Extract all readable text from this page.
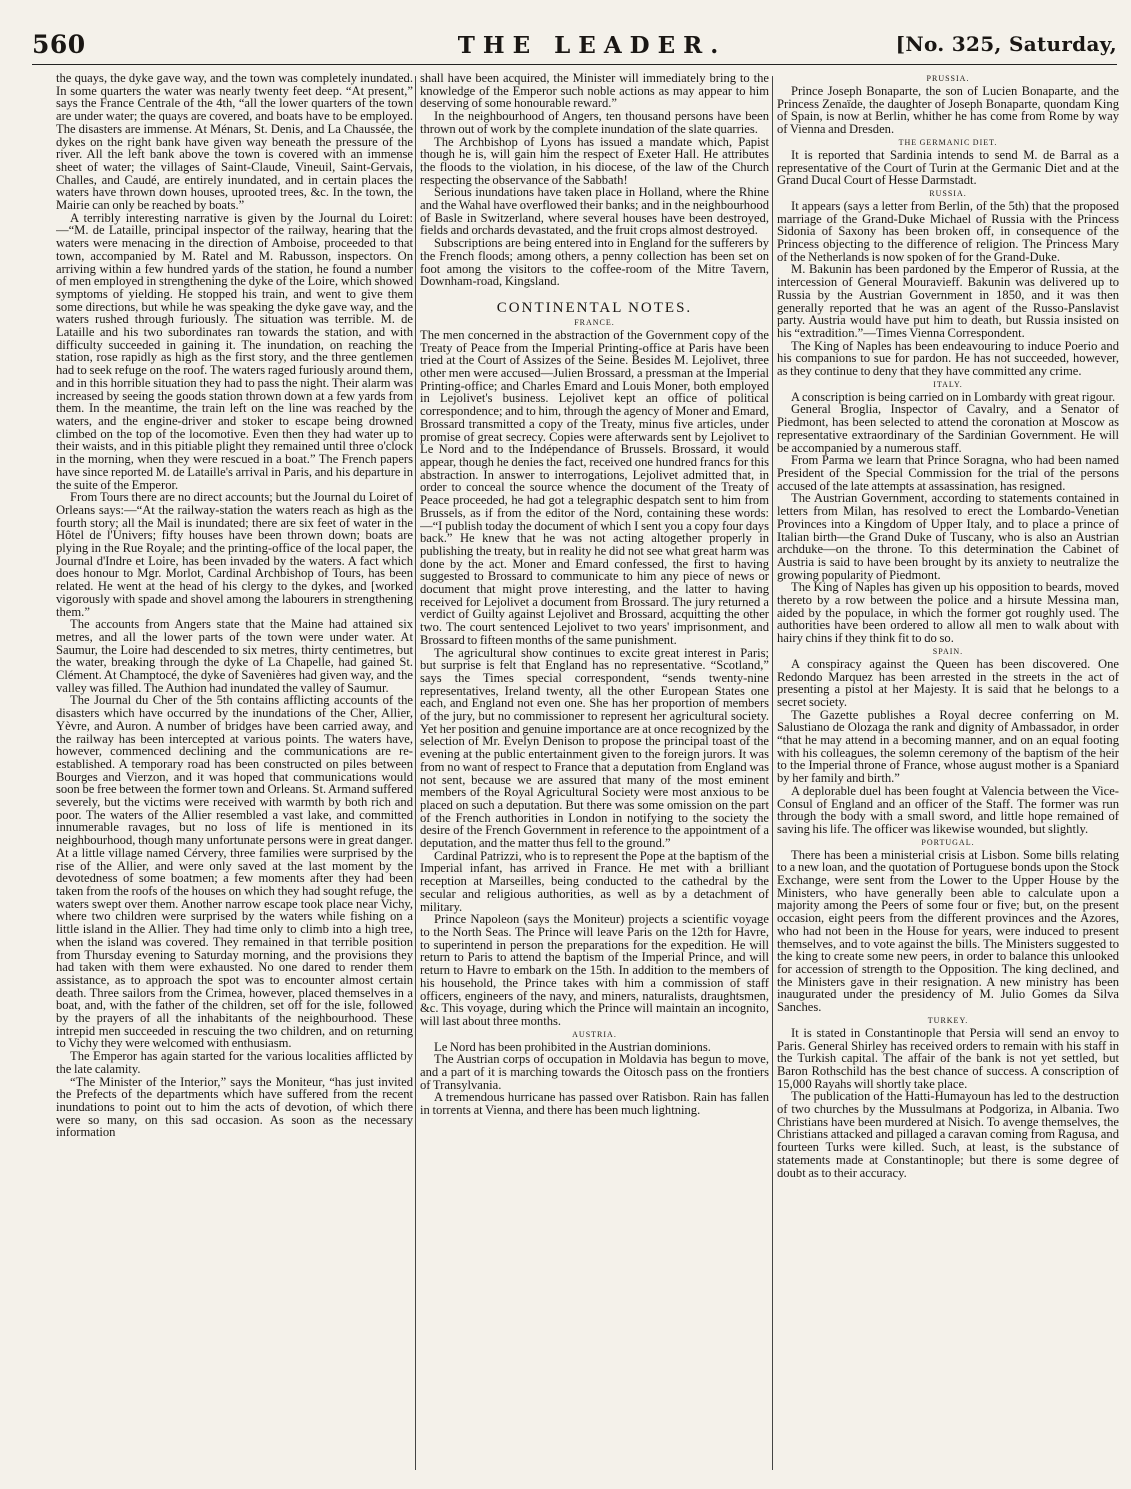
560	THE LEADER.	[No. 325, Saturday,

the quays, the dyke gave way, and the town was completely inundated. In some quarters the water was nearly twenty feet deep. “At present,” says the France Centrale of the 4th, “all the lower quarters of the town are under water; the quays are covered, and boats have to be employed. The disasters are immense. At Ménars, St. Denis, and La Chaussée, the dykes on the right bank have given way beneath the pressure of the river. All the left bank above the town is covered with an immense sheet of water; the villages of Saint-Claude, Vineuil, Saint-Gervais, Challes, and Caudé, are entirely inundated, and in certain places the waters have thrown down houses, uprooted trees, &c. In the town, the Mairie can only be reached by boats.”

A terribly interesting narrative is given by the Journal du Loiret:—“M. de Lataille, principal inspector of the railway, hearing that the waters were menacing in the direction of Amboise, proceeded to that town, accompanied by M. Ratel and M. Rabusson, inspectors. On arriving within a few hundred yards of the station, he found a number of men employed in strengthening the dyke of the Loire, which showed symptoms of yielding. He stopped his train, and went to give them some directions, but while he was speaking the dyke gave way, and the waters rushed through furiously. The situation was terrible. M. de Lataille and his two subordinates ran towards the station, and with difficulty succeeded in gaining it. The inundation, on reaching the station, rose rapidly as high as the first story, and the three gentlemen had to seek refuge on the roof. The waters raged furiously around them, and in this horrible situation they had to pass the night. Their alarm was increased by seeing the goods station thrown down at a few yards from them. In the meantime, the train left on the line was reached by the waters, and the engine-driver and stoker to escape being drowned climbed on the top of the locomotive. Even then they had water up to their waists, and in this pitiable plight they remained until three o'clock in the morning, when they were rescued in a boat.” The French papers have since reported M. de Lataille's arrival in Paris, and his departure in the suite of the Emperor.

From Tours there are no direct accounts; but the Journal du Loiret of Orleans says:—“At the railway-station the waters reach as high as the fourth story; all the Mail is inundated; there are six feet of water in the Hôtel de l'Univers; fifty houses have been thrown down; boats are plying in the Rue Royale; and the printing-office of the local paper, the Journal d'Indre et Loire, has been invaded by the waters. A fact which does honour to Mgr. Morlot, Cardinal Archbishop of Tours, has been related. He went at the head of his clergy to the dykes, and [worked vigorously with spade and shovel among the labourers in strengthening them.”

The accounts from Angers state that the Maine had attained six metres, and all the lower parts of the town were under water. At Saumur, the Loire had descended to six metres, thirty centimetres, but the water, breaking through the dyke of La Chapelle, had gained St. Clément. At Champtocé, the dyke of Savenières had given way, and the valley was filled. The Authion had inundated the valley of Saumur.

The Journal du Cher of the 5th contains afflicting accounts of the disasters which have occurred by the inundations of the Cher, Allier, Yèvre, and Auron. A number of bridges have been carried away, and the railway has been intercepted at various points. The waters have, however, commenced declining and the communications are re-established. A temporary road has been constructed on piles between Bourges and Vierzon, and it was hoped that communications would soon be free between the former town and Orleans. St. Armand suffered severely, but the victims were received with warmth by both rich and poor. The waters of the Allier resembled a vast lake, and committed innumerable ravages, but no loss of life is mentioned in its neighbourhood, though many unfortunate persons were in great danger. At a little village named Cérvery, three families were surprised by the rise of the Allier, and were only saved at the last moment by the devotedness of some boatmen; a few moments after they had been taken from the roofs of the houses on which they had sought refuge, the waters swept over them. Another narrow escape took place near Vichy, where two children were surprised by the waters while fishing on a little island in the Allier. They had time only to climb into a high tree, when the island was covered. They remained in that terrible position from Thursday evening to Saturday morning, and the provisions they had taken with them were exhausted. No one dared to render them assistance, as to approach the spot was to encounter almost certain death. Three sailors from the Crimea, however, placed themselves in a boat, and, with the father of the children, set off for the isle, followed by the prayers of all the inhabitants of the neighbourhood. These intrepid men succeeded in rescuing the two children, and on returning to Vichy they were welcomed with enthusiasm.

The Emperor has again started for the various localities afflicted by the late calamity.

“The Minister of the Interior,” says the Moniteur, “has just invited the Prefects of the departments which have suffered from the recent inundations to point out to him the acts of devotion, of which there were so many, on this sad occasion. As soon as the necessary information

shall have been acquired, the Minister will immediately bring to the knowledge of the Emperor such noble actions as may appear to him deserving of some honourable reward.”

In the neighbourhood of Angers, ten thousand persons have been thrown out of work by the complete inundation of the slate quarries.

The Archbishop of Lyons has issued a mandate which, Papist though he is, will gain him the respect of Exeter Hall. He attributes the floods to the violation, in his diocese, of the law of the Church respecting the observance of the Sabbath!

Serious inundations have taken place in Holland, where the Rhine and the Wahal have overflowed their banks; and in the neighbourhood of Basle in Switzerland, where several houses have been destroyed, fields and orchards devastated, and the fruit crops almost destroyed.

Subscriptions are being entered into in England for the sufferers by the French floods; among others, a penny collection has been set on foot among the visitors to the coffee-room of the Mitre Tavern, Downham-road, Kingsland.

CONTINENTAL NOTES.
FRANCE.

The men concerned in the abstraction of the Government copy of the Treaty of Peace from the Imperial Printing-office at Paris have been tried at the Court of Assizes of the Seine. Besides M. Lejolivet, three other men were accused—Julien Brossard, a pressman at the Imperial Printing-office; and Charles Emard and Louis Moner, both employed in Lejolivet's business. Lejolivet kept an office of political correspondence; and to him, through the agency of Moner and Emard, Brossard transmitted a copy of the Treaty, minus five articles, under promise of great secrecy. Copies were afterwards sent by Lejolivet to Le Nord and to the Indépendance of Brussels. Brossard, it would appear, though he denies the fact, received one hundred francs for this abstraction. In answer to interrogations, Lejolivet admitted that, in order to conceal the source whence the document of the Treaty of Peace proceeded, he had got a telegraphic despatch sent to him from Brussels, as if from the editor of the Nord, containing these words:—“I publish today the document of which I sent you a copy four days back.” He knew that he was not acting altogether properly in publishing the treaty, but in reality he did not see what great harm was done by the act. Moner and Emard confessed, the first to having suggested to Brossard to communicate to him any piece of news or document that might prove interesting, and the latter to having received for Lejolivet a document from Brossard. The jury returned a verdict of Guilty against Lejolivet and Brossard, acquitting the other two. The court sentenced Lejolivet to two years' imprisonment, and Brossard to fifteen months of the same punishment.

The agricultural show continues to excite great interest in Paris; but surprise is felt that England has no representative. “Scotland,” says the Times special correspondent, “sends twenty-nine representatives, Ireland twenty, all the other European States one each, and England not even one. She has her proportion of members of the jury, but no commissioner to represent her agricultural society. Yet her position and genuine importance are at once recognized by the selection of Mr. Evelyn Denison to propose the principal toast of the evening at the public entertainment given to the foreign jurors. It was from no want of respect to France that a deputation from England was not sent, because we are assured that many of the most eminent members of the Royal Agricultural Society were most anxious to be placed on such a deputation. But there was some omission on the part of the French authorities in London in notifying to the society the desire of the French Government in reference to the appointment of a deputation, and the matter thus fell to the ground.”

Cardinal Patrizzi, who is to represent the Pope at the baptism of the Imperial infant, has arrived in France. He met with a brilliant reception at Marseilles, being conducted to the cathedral by the secular and religious authorities, as well as by a detachment of military.

Prince Napoleon (says the Moniteur) projects a scientific voyage to the North Seas. The Prince will leave Paris on the 12th for Havre, to superintend in person the preparations for the expedition. He will return to Paris to attend the baptism of the Imperial Prince, and will return to Havre to embark on the 15th. In addition to the members of his household, the Prince takes with him a commission of staff officers, engineers of the navy, and miners, naturalists, draughtsmen, &c. This voyage, during which the Prince will maintain an incognito, will last about three months.

AUSTRIA.

Le Nord has been prohibited in the Austrian dominions.

The Austrian corps of occupation in Moldavia has begun to move, and a part of it is marching towards the Oitosch pass on the frontiers of Transylvania.

A tremendous hurricane has passed over Ratisbon. Rain has fallen in torrents at Vienna, and there has been much lightning.

PRUSSIA.

Prince Joseph Bonaparte, the son of Lucien Bonaparte, and the Princess Zenaïde, the daughter of Joseph Bonaparte, quondam King of Spain, is now at Berlin, whither he has come from Rome by way of Vienna and Dresden.

THE GERMANIC DIET.

It is reported that Sardinia intends to send M. de Barral as a representative of the Court of Turin at the Germanic Diet and at the Grand Ducal Court of Hesse Darmstadt.

RUSSIA.

It appears (says a letter from Berlin, of the 5th) that the proposed marriage of the Grand-Duke Michael of Russia with the Princess Sidonia of Saxony has been broken off, in consequence of the Princess objecting to the difference of religion. The Princess Mary of the Netherlands is now spoken of for the Grand-Duke.

M. Bakunin has been pardoned by the Emperor of Russia, at the intercession of General Mouravieff. Bakunin was delivered up to Russia by the Austrian Government in 1850, and it was then generally reported that he was an agent of the Russo-Panslavist party. Austria would have put him to death, but Russia insisted on his “extradition.”—Times Vienna Correspondent.

The King of Naples has been endeavouring to induce Poerio and his companions to sue for pardon. He has not succeeded, however, as they continue to deny that they have committed any crime.

ITALY.

A conscription is being carried on in Lombardy with great rigour.

General Broglia, Inspector of Cavalry, and a Senator of Piedmont, has been selected to attend the coronation at Moscow as representative extraordinary of the Sardinian Government. He will be accompanied by a numerous staff.

From Parma we learn that Prince Soragna, who had been named President of the Special Commission for the trial of the persons accused of the late attempts at assassination, has resigned.

The Austrian Government, according to statements contained in letters from Milan, has resolved to erect the Lombardo-Venetian Provinces into a Kingdom of Upper Italy, and to place a prince of Italian birth—the Grand Duke of Tuscany, who is also an Austrian archduke—on the throne. To this determination the Cabinet of Austria is said to have been brought by its anxiety to neutralize the growing popularity of Piedmont.

The King of Naples has given up his opposition to beards, moved thereto by a row between the police and a hirsute Messina man, aided by the populace, in which the former got roughly used. The authorities have been ordered to allow all men to walk about with hairy chins if they think fit to do so.

SPAIN.

A conspiracy against the Queen has been discovered. One Redondo Marquez has been arrested in the streets in the act of presenting a pistol at her Majesty. It is said that he belongs to a secret society.

The Gazette publishes a Royal decree conferring on M. Salustiano de Olozaga the rank and dignity of Ambassador, in order “that he may attend in a becoming manner, and on an equal footing with his colleagues, the solemn ceremony of the baptism of the heir to the Imperial throne of France, whose august mother is a Spaniard by her family and birth.”

A deplorable duel has been fought at Valencia between the Vice-Consul of England and an officer of the Staff. The former was run through the body with a small sword, and little hope remained of saving his life. The officer was likewise wounded, but slightly.

PORTUGAL.

There has been a ministerial crisis at Lisbon. Some bills relating to a new loan, and the quotation of Portuguese bonds upon the Stock Exchange, were sent from the Lower to the Upper House by the Ministers, who have generally been able to calculate upon a majority among the Peers of some four or five; but, on the present occasion, eight peers from the different provinces and the Azores, who had not been in the House for years, were induced to present themselves, and to vote against the bills. The Ministers suggested to the king to create some new peers, in order to balance this unlooked for accession of strength to the Opposition. The king declined, and the Ministers gave in their resignation. A new ministry has been inaugurated under the presidency of M. Julio Gomes da Silva Sanches.

TURKEY.

It is stated in Constantinople that Persia will send an envoy to Paris. General Shirley has received orders to remain with his staff in the Turkish capital. The affair of the bank is not yet settled, but Baron Rothschild has the best chance of success. A conscription of 15,000 Rayahs will shortly take place.

The publication of the Hatti-Humayoun has led to the destruction of two churches by the Mussulmans at Podgoriza, in Albania. Two Christians have been murdered at Nisich. To avenge themselves, the Christians attacked and pillaged a caravan coming from Ragusa, and fourteen Turks were killed. Such, at least, is the substance of statements made at Constantinople; but there is some degree of doubt as to their accuracy.
